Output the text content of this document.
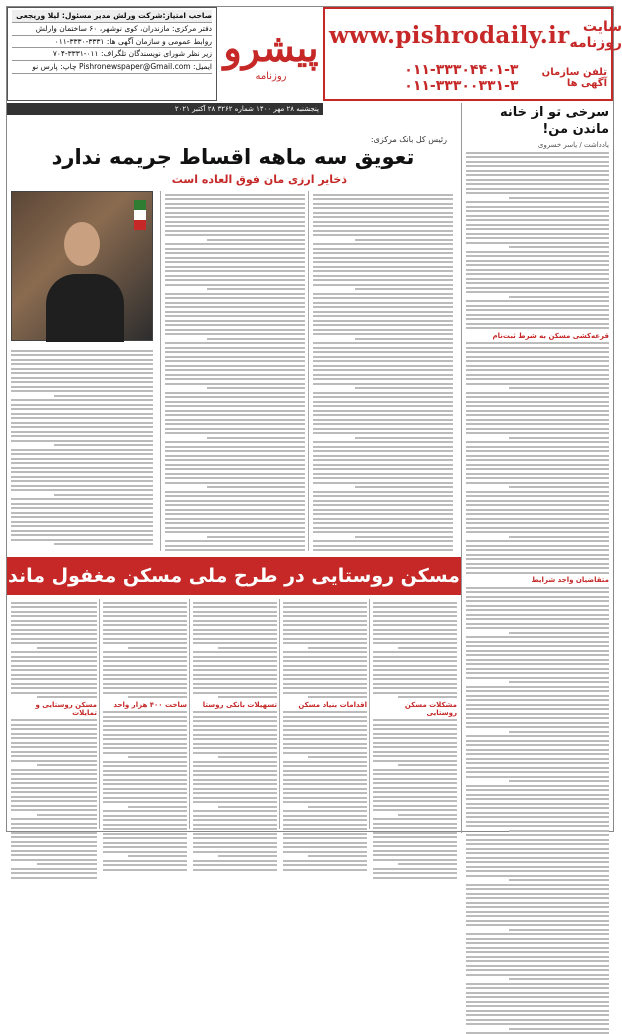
www.pishrodaily.ir سایت روزنامه
تلفن سازمان آگهی ها
۰۱۱-۳۳۳۰۴۴۰۱-۳ ۰۱۱-۳۳۳۰۰۳۳۱-۳
پیشرو
روزنامه
صاحب امتیاز:شرکت ورلش مدیر مسئول: لیلا وریجعی
دفتر مرکزی: مازندران، کوی نوشهر، ۶۰ ساختمان وارلش
روابط عمومی و سازمان آگهی ها: ۳۳۳۱-۳۳۳۰-۰۱۱
زیر نظر شورای نویسندگان تلگراف: ۰۱۱-۳۳۳۱-۷۰۴
ایمیل: Pishronewspaper@Gmail.com چاپ: پارس نو
پنجشنبه ۲۸ مهر ۱۴۰۰ شماره ۳۲۶۲ ۲۸ آکتبر ۲۰۲۱	سرخی تو از خانه ماندن من!
یادداشت / یاسر خسروی
قرعه‌کشی مسکن به شرط ثبت‌نام
متقاضیان واجد شرایط
رئیس کل بانک مرکزی:
تعویق سه ماهه اقساط جریمه ندارد
ذخایر ارزی مان فوق العاده است
مسکن روستایی در طرح ملی مسکن مغفول ماند
مشکلات مسکن روستایی
اقدامات بنیاد مسکن
تسهیلات بانکی روستا
ساخت ۴۰۰ هزار واحد
مسکن روستایی و تمایلات
